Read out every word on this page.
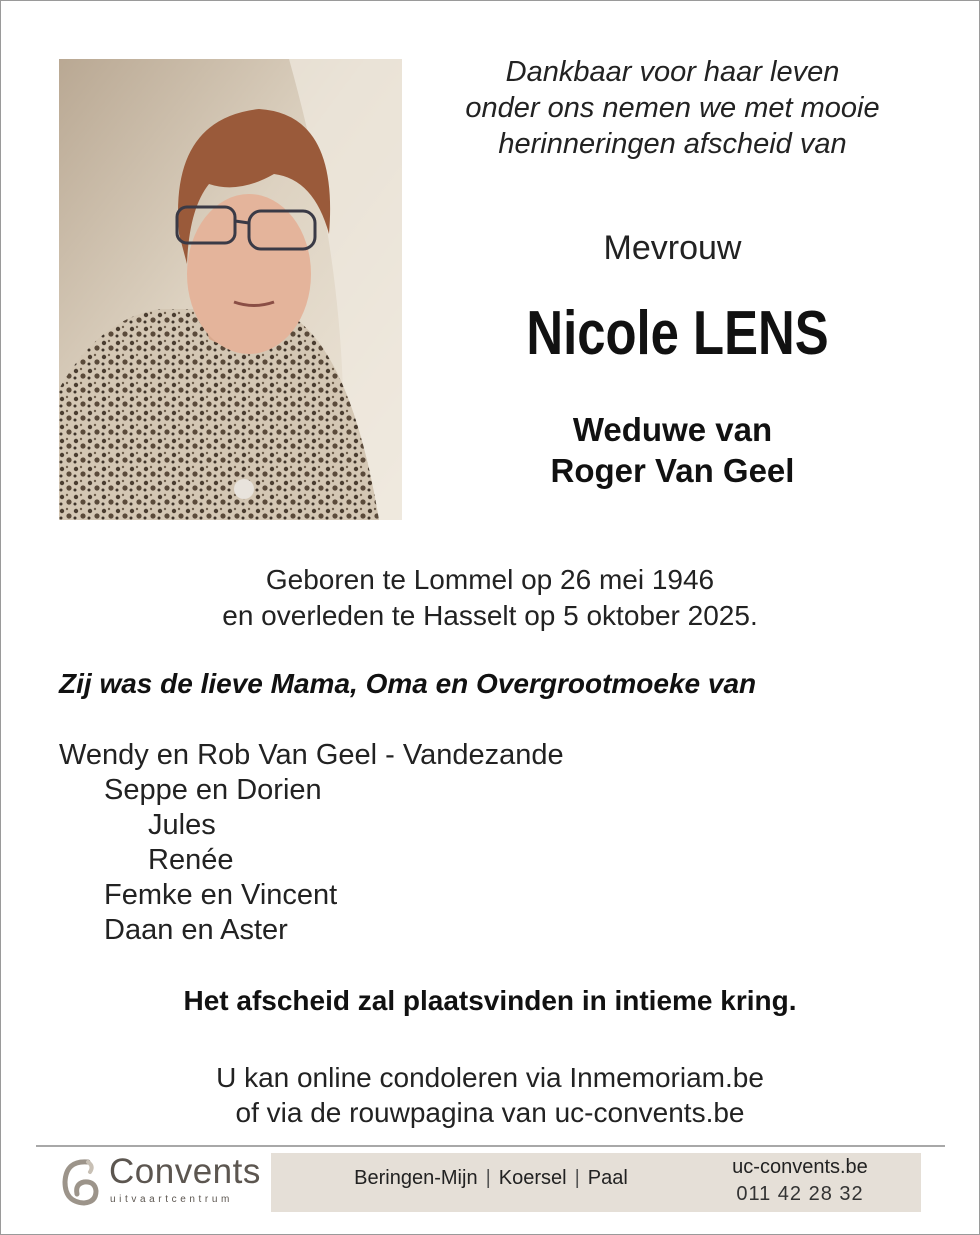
Dankbaar voor haar leven
onder ons nemen we met mooie
herinneringen afscheid van
Mevrouw
Nicole LENS
Weduwe van
Roger Van Geel
Geboren te Lommel op 26 mei 1946
en overleden te Hasselt op 5 oktober 2025.
Zij was de lieve Mama, Oma en Overgrootmoeke van
Wendy en Rob Van Geel - Vandezande
Seppe en Dorien
Jules
Renée
Femke en Vincent
Daan en Aster
Het afscheid zal plaatsvinden in intieme kring.
U kan online condoleren via Inmemoriam.be
of via de rouwpagina van uc-convents.be
Convents
uitvaartcentrum
Beringen-Mijn | Koersel | Paal	uc-convents.be
011 42 28 32
